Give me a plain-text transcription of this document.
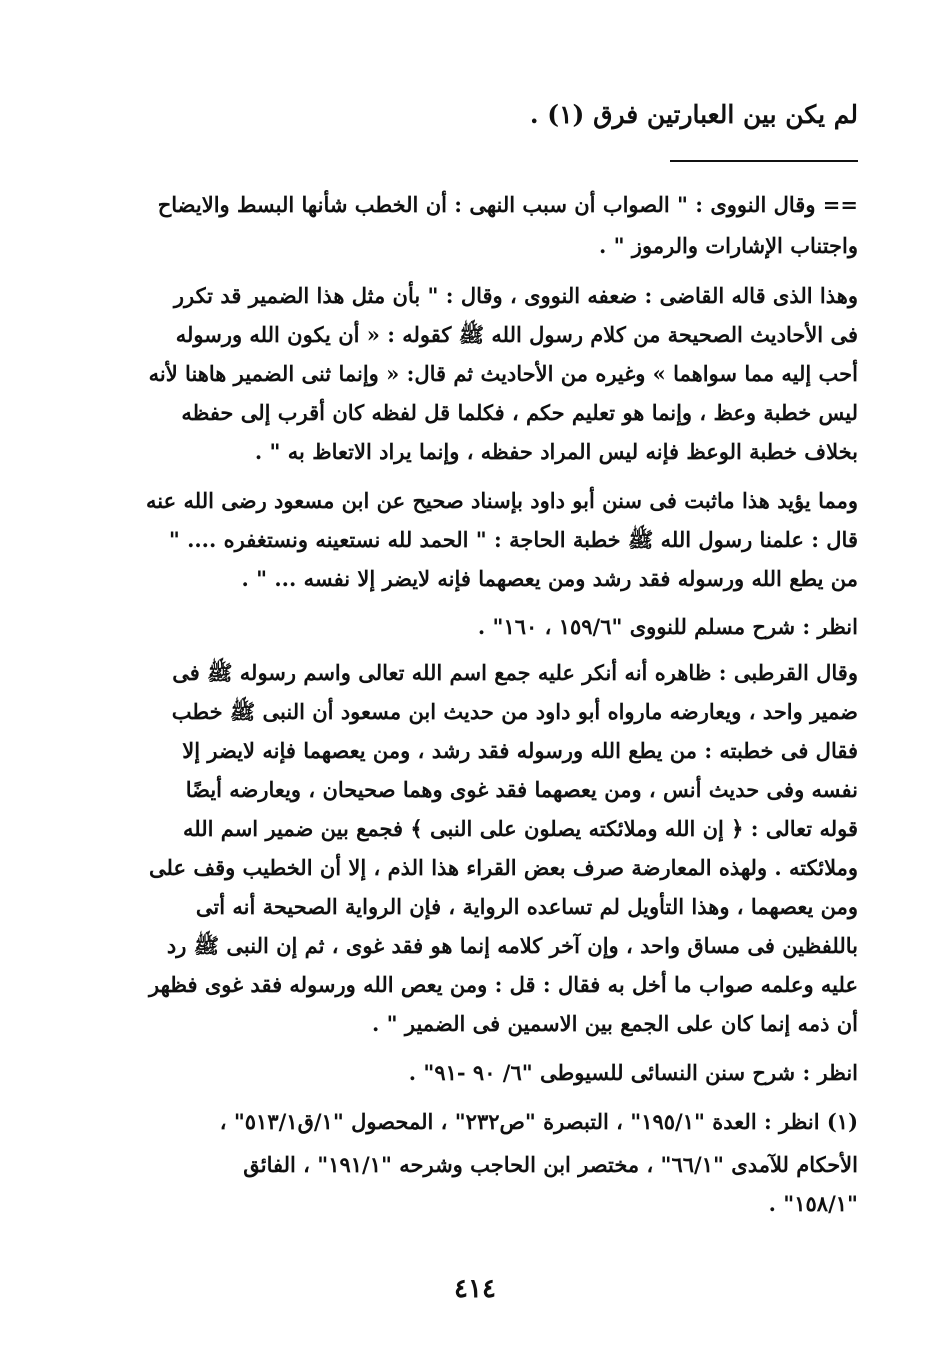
لم يكن بين العبارتين فرق (١) .
== وقال النووى : " الصواب أن سبب النهى : أن الخطب شأنها البسط والايضاح
واجتناب الإشارات والرموز " .
وهذا الذى قاله القاضى : ضعفه النووى ، وقال : " بأن مثل هذا الضمير قد تكرر
فى الأحاديث الصحيحة من كلام رسول الله ﷺ كقوله : « أن يكون الله ورسوله
أحب إليه مما سواهما » وغيره من الأحاديث ثم قال: « وإنما ثنى الضمير هاهنا لأنه
ليس خطبة وعظ ، وإنما هو تعليم حكم ، فكلما قل لفظه كان أقرب إلى حفظه
بخلاف خطبة الوعظ فإنه ليس المراد حفظه ، وإنما يراد الاتعاظ به " .
ومما يؤيد هذا ماثبت فى سنن أبو داود بإسناد صحيح عن ابن مسعود رضى الله عنه
قال : علمنا رسول الله ﷺ خطبة الحاجة : " الحمد لله نستعينه ونستغفره .... "
من يطع الله ورسوله فقد رشد ومن يعصهما فإنه لايضر إلا نفسه ... " .
انظر : شرح مسلم للنووى "١٥٩/٦ ، ١٦٠" .
وقال القرطبى : ظاهره أنه أنكر عليه جمع اسم الله تعالى واسم رسوله ﷺ فى
ضمير واحد ، ويعارضه مارواه أبو داود من حديث ابن مسعود أن النبى ﷺ خطب
فقال فى خطبته : من يطع الله ورسوله فقد رشد ، ومن يعصهما فإنه لايضر إلا
نفسه وفى حديث أنس ، ومن يعصهما فقد غوى وهما صحيحان ، ويعارضه أيضًا
قوله تعالى : ﴿ إن الله وملائكته يصلون على النبى ﴾ فجمع بين ضمير اسم الله
وملائكته . ولهذه المعارضة صرف بعض القراء هذا الذم ، إلا أن الخطيب وقف على
ومن يعصهما ، وهذا التأويل لم تساعده الرواية ، فإن الرواية الصحيحة أنه أتى
باللفظين فى مساق واحد ، وإن آخر كلامه إنما هو فقد غوى ، ثم إن النبى ﷺ رد
عليه وعلمه صواب ما أخل به فقال : قل : ومن يعص الله ورسوله فقد غوى فظهر
أن ذمه إنما كان على الجمع بين الاسمين فى الضمير " .
انظر : شرح سنن النسائى للسيوطى "٦/ ٩٠ -٩١" .
(١) انظر : العدة "١٩٥/١" ، التبصرة "ص٢٣٢" ، المحصول "١/ق٥١٣/١" ،
الأحكام للآمدى "٦٦/١" ، مختصر ابن الحاجب وشرحه "١٩١/١" ، الفائق
"١٥٨/١" .
٤١٤
